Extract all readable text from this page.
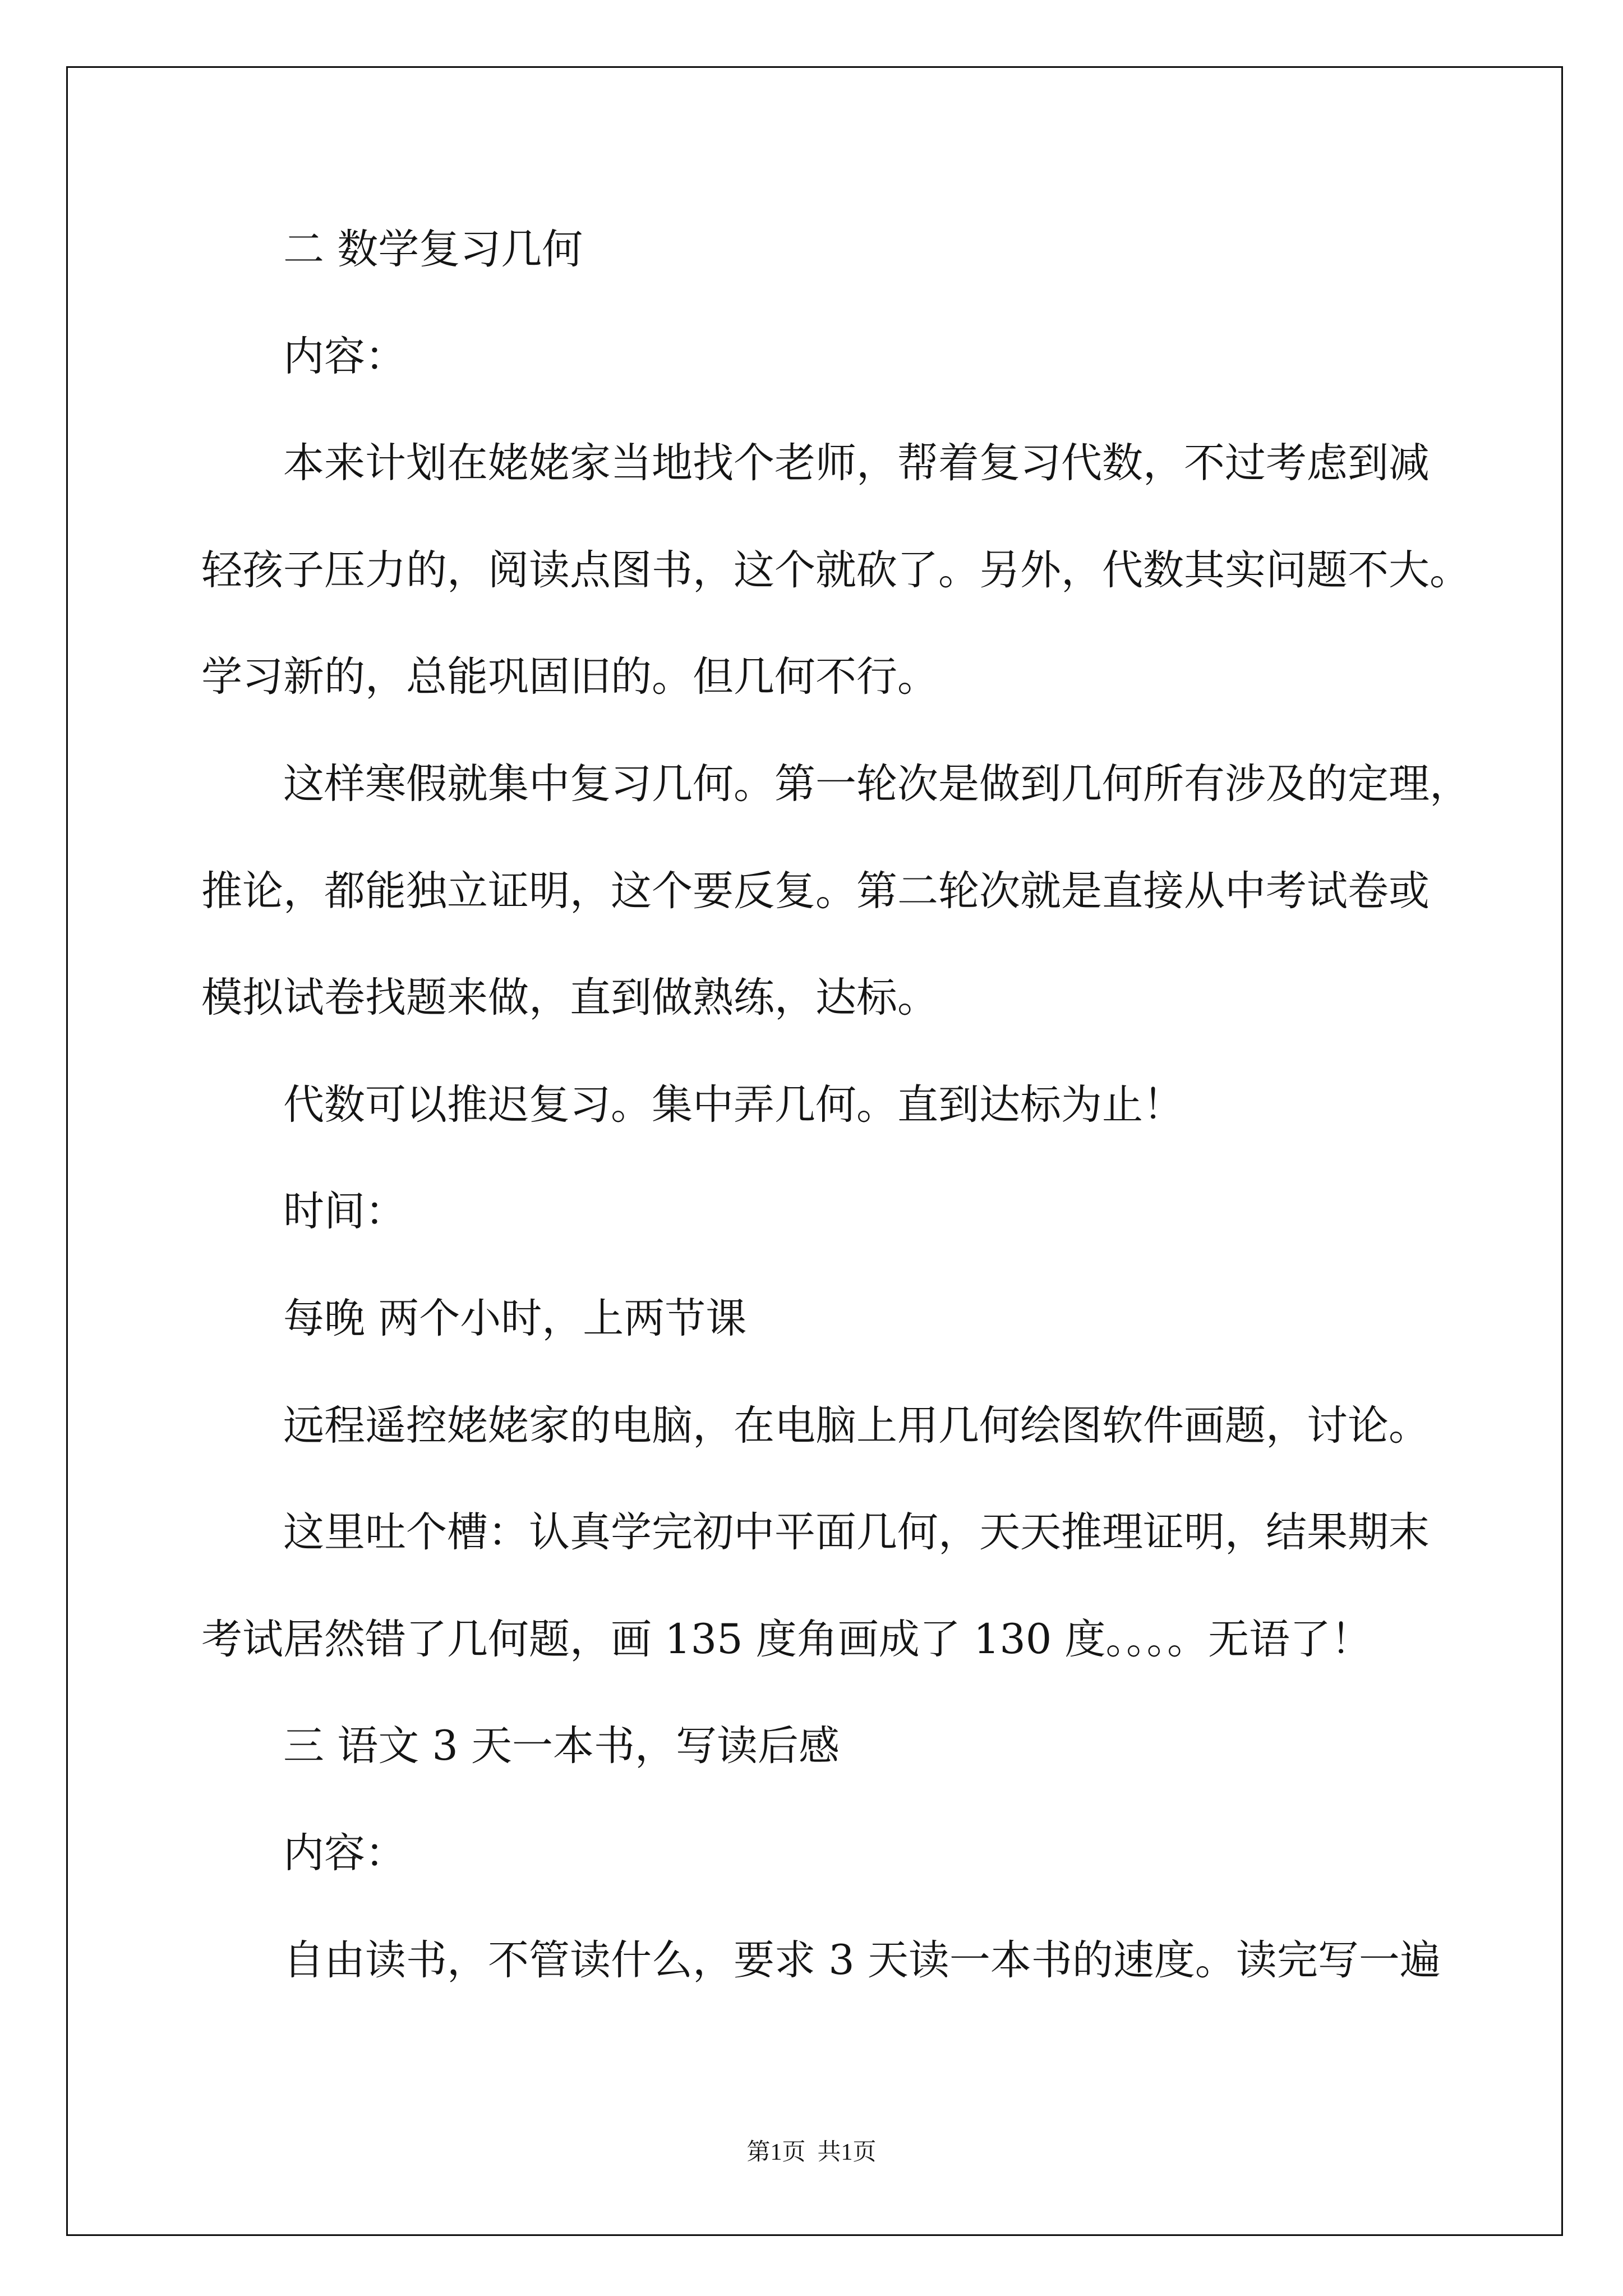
二 数学复习几何
内容：
本来计划在姥姥家当地找个老师，帮着复习代数，不过考虑到减
轻孩子压力的，阅读点图书，这个就砍了。另外，代数其实问题不大。
学习新的，总能巩固旧的。但几何不行。
这样寒假就集中复习几何。第一轮次是做到几何所有涉及的定理，
推论，都能独立证明，这个要反复。第二轮次就是直接从中考试卷或
模拟试卷找题来做，直到做熟练，达标。
代数可以推迟复习。集中弄几何。直到达标为止！
时间：
每晚 两个小时，上两节课
远程遥控姥姥家的电脑，在电脑上用几何绘图软件画题，讨论。
这里吐个槽：认真学完初中平面几何，天天推理证明，结果期末
考试居然错了几何题，画 135 度角画成了 130 度。。。。无语了！
三 语文 3 天一本书，写读后感
内容：
自由读书，不管读什么，要求 3 天读一本书的速度。读完写一遍
第1页  共1页
